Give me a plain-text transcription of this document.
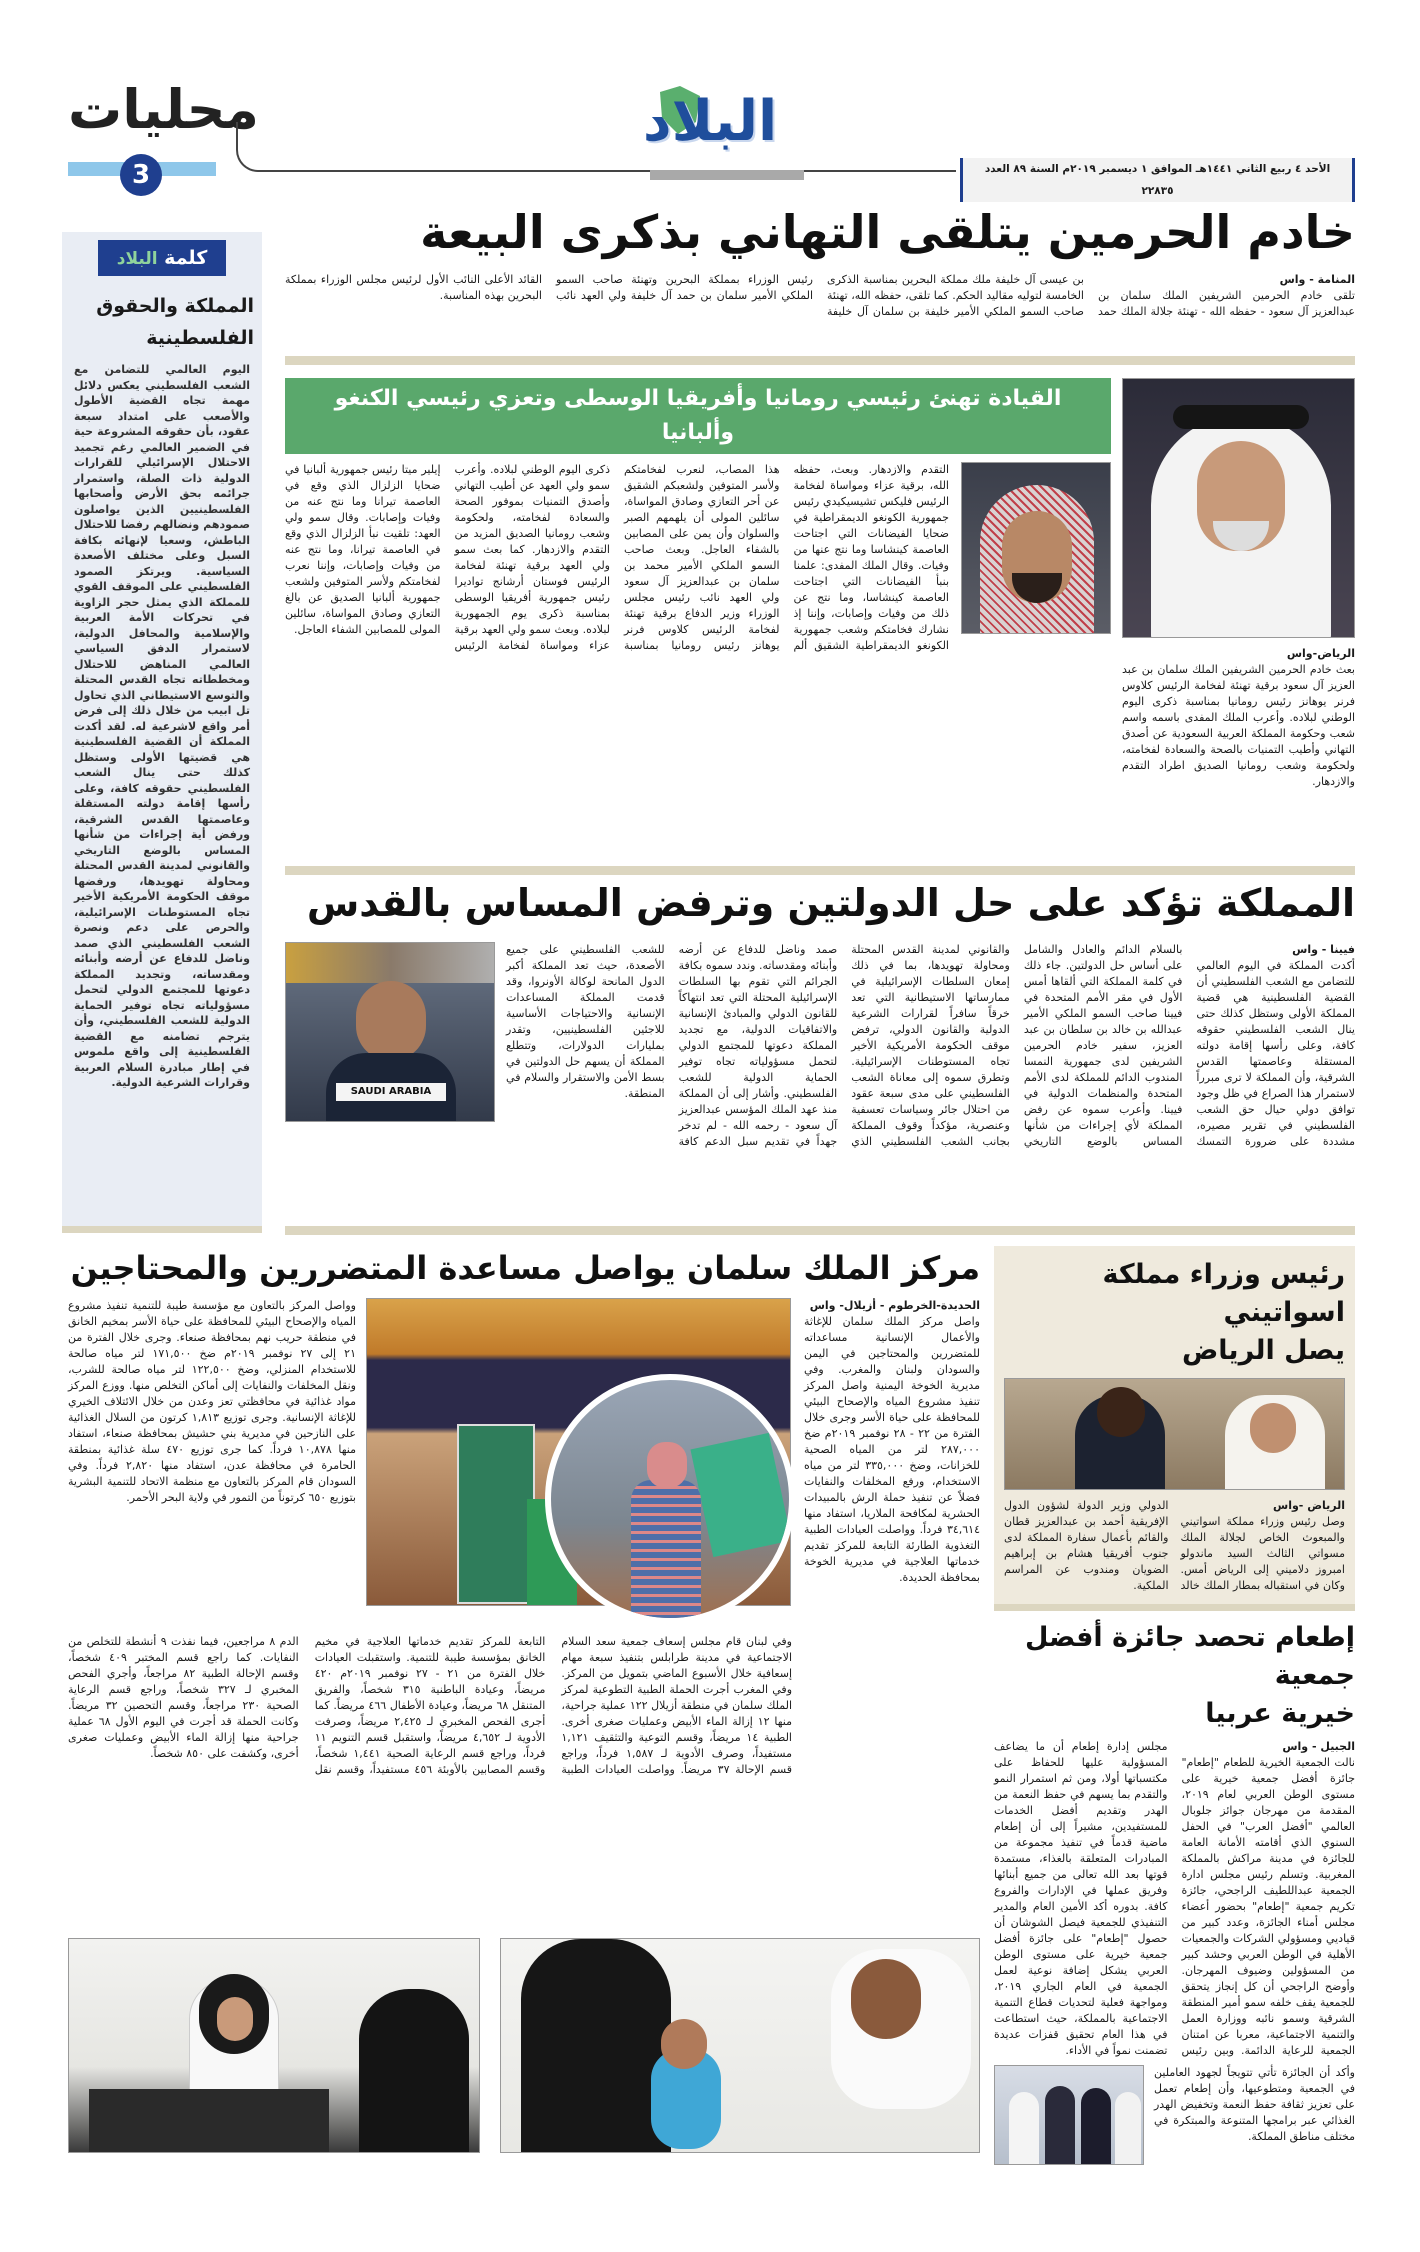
محليات
3
البلاد
الأحد ٤ ربيع الثاني ١٤٤١هـ الموافق ١ ديسمبر ٢٠١٩م السنة ٨٩ العدد ٢٢٨٣٥
كلمة البلاد
المملكة والحقوق الفلسطينية
اليوم العالمي للتضامن مع الشعب الفلسطيني يعكس دلائل مهمة تجاه القضية الأطول والأصعب على امتداد سبعة عقود، بأن حقوقه المشروعة حية في الضمير العالمي رغم تجميد الاحتلال الإسرائيلي للقرارات الدولية ذات الصلة، واستمرار جرائمه بحق الأرض وأصحابها الفلسطينيين الذين يواصلون صمودهم ونضالهم رفضا للاحتلال الباطش، وسعيا لإنهائه بكافة السبل وعلى مختلف الأصعدة السياسية. ويرتكز الصمود الفلسطيني على الموقف القوي للمملكة الذي يمثل حجر الزاوية في تحركات الأمة العربية والإسلامية والمحافل الدولية، لاستمرار الدفق السياسي العالمي المناهض للاحتلال ومخططاته تجاه القدس المحتلة والتوسع الاستيطاني الذي تحاول تل ابيب من خلال ذلك إلى فرض أمر واقع لاشرعية له. لقد أكدت المملكة أن القضية الفلسطينية هي قضيتها الأولى وستظل كذلك حتى ينال الشعب الفلسطيني حقوقه كافة، وعلى رأسها إقامة دولته المستقلة وعاصمتها القدس الشرقية، ورفض أية إجراءات من شأنها المساس بالوضع التاريخي والقانوني لمدينة القدس المحتلة ومحاولة تهويدها، ورفضها موقف الحكومة الأمريكية الأخير تجاه المستوطنات الإسرائيلية، والحرص على دعم ونصرة الشعب الفلسطيني الذي صمد وناضل للدفاع عن أرضه وأبنائه ومقدساته، وتجديد المملكة دعوتها للمجتمع الدولي لتحمل مسؤولياته تجاه توفير الحماية الدولية للشعب الفلسطيني، وأن يترجم تضامنه مع القضية الفلسطينية إلى واقع ملموس في إطار مبادرة السلام العربية وقرارات الشرعية الدولية.
خادم الحرمين يتلقى التهاني بذكرى البيعة
المنامة - واس
تلقى خادم الحرمين الشريفين الملك سلمان بن عبدالعزيز آل سعود - حفظه الله - تهنئة جلالة الملك حمد بن عيسى آل خليفة ملك مملكة البحرين بمناسبة الذكرى الخامسة لتوليه مقاليد الحكم. كما تلقى، حفظه الله، تهنئة صاحب السمو الملكي الأمير خليفة بن سلمان آل خليفة رئيس الوزراء بمملكة البحرين وتهنئة صاحب السمو الملكي الأمير سلمان بن حمد آل خليفة ولي العهد نائب القائد الأعلى النائب الأول لرئيس مجلس الوزراء بمملكة البحرين بهذه المناسبة.
الرياض-واس
بعث خادم الحرمين الشريفين الملك سلمان بن عبد العزيز آل سعود برقية تهنئة لفخامة الرئيس كلاوس فرنر يوهانز رئيس رومانيا بمناسبة ذكرى اليوم الوطني لبلاده. وأعرب الملك المفدى باسمه واسم شعب وحكومة المملكة العربية السعودية عن أصدق التهاني وأطيب التمنيات بالصحة والسعادة لفخامته، ولحكومة وشعب رومانيا الصديق اطراد التقدم والازدهار.
القيادة تهنئ رئيسي رومانيا وأفريقيا الوسطى وتعزي رئيسي الكنغو وألبانيا
التقدم والازدهار. وبعث، حفظه الله، برقية عزاء ومواساة لفخامة الرئيس فليكس تشيسيكيدي رئيس جمهورية الكونغو الديمقراطية في ضحايا الفيضانات التي اجتاحت العاصمة كينشاسا وما نتج عنها من وفيات. وقال الملك المفدى: علمنا بنبأ الفيضانات التي اجتاحت العاصمة كينشاسا، وما نتج عن ذلك من وفيات وإصابات، وإننا إذ نشارك فخامتكم وشعب جمهورية الكونغو الديمقراطية الشقيق ألم هذا المصاب، لنعرب لفخامتكم ولأسر المتوفين ولشعبكم الشقيق عن أحر التعازي وصادق المواساة، سائلين المولى أن يلهمهم الصبر والسلوان وأن يمن على المصابين بالشفاء العاجل. وبعث صاحب السمو الملكي الأمير محمد بن سلمان بن عبدالعزيز آل سعود ولي العهد نائب رئيس مجلس الوزراء وزير الدفاع برقية تهنئة لفخامة الرئيس كلاوس فرنر يوهانز رئيس رومانيا بمناسبة ذكرى اليوم الوطني لبلاده. وأعرب سمو ولي العهد عن أطيب التهاني وأصدق التمنيات بموفور الصحة والسعادة لفخامته، ولحكومة وشعب رومانيا الصديق المزيد من التقدم والازدهار. كما بعث سمو ولي العهد برقية تهنئة لفخامة الرئيس فوستان أرشانج تواديرا رئيس جمهورية أفريقيا الوسطى بمناسبة ذكرى يوم الجمهورية لبلاده. وبعث سمو ولي العهد برقية عزاء ومواساة لفخامة الرئيس إيلير ميتا رئيس جمهورية ألبانيا في ضحايا الزلزال الذي وقع في العاصمة تيرانا وما نتج عنه من وفيات وإصابات. وقال سمو ولي العهد: تلقيت نبأ الزلزال الذي وقع في العاصمة تيرانا، وما نتج عنه من وفيات وإصابات، وإننا نعرب لفخامتكم ولأسر المتوفين ولشعب جمهورية ألبانيا الصديق عن بالغ التعازي وصادق المواساة، سائلين المولى للمصابين الشفاء العاجل.
المملكة تؤكد على حل الدولتين وترفض المساس بالقدس
SAUDI ARABIA
فيينا - واس
أكدت المملكة في اليوم العالمي للتضامن مع الشعب الفلسطيني أن القضية الفلسطينية هي قضية المملكة الأولى وستظل كذلك حتى ينال الشعب الفلسطيني حقوقه كافة، وعلى رأسها إقامة دولته المستقلة وعاصمتها القدس الشرقية، وأن المملكة لا ترى مبرراً لاستمرار هذا الصراع في ظل وجود توافق دولي حيال حق الشعب الفلسطيني في تقرير مصيره، مشددة على ضرورة التمسك بالسلام الدائم والعادل والشامل على أساس حل الدولتين. جاء ذلك في كلمة المملكة التي ألقاها أمس الأول في مقر الأمم المتحدة في فيينا صاحب السمو الملكي الأمير عبدالله بن خالد بن سلطان بن عبد العزيز، سفير خادم الحرمين الشريفين لدى جمهورية النمسا المندوب الدائم للمملكة لدى الأمم المتحدة والمنظمات الدولية في فيينا. وأعرب سموه عن رفض المملكة لأي إجراءات من شأنها المساس بالوضع التاريخي والقانوني لمدينة القدس المحتلة ومحاولة تهويدها، بما في ذلك إمعان السلطات الإسرائيلية في ممارساتها الاستيطانية التي تعد خرقاً سافراً لقرارات الشرعية الدولية والقانون الدولي، ترفض موقف الحكومة الأمريكية الأخير تجاه المستوطنات الإسرائيلية. وتطرق سموه إلى معاناة الشعب الفلسطيني على مدى سبعة عقود من احتلال جائر وسياسات تعسفية وعنصرية، مؤكداً وقوف المملكة بجانب الشعب الفلسطيني الذي صمد وناضل للدفاع عن أرضه وأبنائه ومقدساته. وندد سموه بكافة الجرائم التي تقوم بها السلطات الإسرائيلية المحتلة التي تعد انتهاكاً للقانون الدولي والمبادئ الإنسانية والاتفاقيات الدولية، مع تجديد المملكة دعوتها للمجتمع الدولي لتحمل مسؤولياته تجاه توفير الحماية الدولية للشعب الفلسطيني. وأشار إلى أن المملكة منذ عهد الملك المؤسس عبدالعزيز آل سعود - رحمه الله - لم تدخر جهداً في تقديم سبل الدعم كافة للشعب الفلسطيني على جميع الأصعدة، حيث تعد المملكة أكبر الدول المانحة لوكالة الأونروا، وقد قدمت المملكة المساعدات الإنسانية والاحتياجات الأساسية للاجئين الفلسطينيين، وتقدر بمليارات الدولارات، وتتطلع المملكة أن يسهم حل الدولتين في بسط الأمن والاستقرار والسلام في المنطقة.
مركز الملك سلمان يواصل مساعدة المتضررين والمحتاجين
الحديدة-الخرطوم - أزيلال- واس
واصل مركز الملك سلمان للإغاثة والأعمال الإنسانية مساعداته للمتضررين والمحتاجين في اليمن والسودان ولبنان والمغرب. وفي مديرية الخوخة اليمنية واصل المركز تنفيذ مشروع المياه والإصحاح البيئي للمحافظة على حياة الأسر وجرى خلال الفترة من ٢٢ - ٢٨ نوفمبر ٢٠١٩م ضخ ٢٨٧,٠٠٠ لتر من المياه الصحية للخزانات، وضخ ٣٣٥,٠٠٠ لتر من مياه الاستخدام، ورفع المخلفات والنفايات فضلاً عن تنفيذ حملة الرش بالمبيدات الحشرية لمكافحة الملاريا، استفاد منها ٣٤,٦١٤ فرداً. وواصلت العيادات الطبية التغذوية الطارئة التابعة للمركز تقديم خدماتها العلاجية في مديرية الخوخة بمحافظة الحديدة.
وواصل المركز بالتعاون مع مؤسسة طيبة للتنمية تنفيذ مشروع المياه والإصحاح البيئي للمحافظة على حياة الأسر بمخيم الخانق في منطقة حريب نهم بمحافظة صنعاء. وجرى خلال الفترة من ٢١ إلى ٢٧ نوفمبر ٢٠١٩م ضخ ١٧١,٥٠٠ لتر مياه صالحة للاستخدام المنزلي، وضخ ١٢٢,٥٠٠ لتر مياه صالحة للشرب، ونقل المخلفات والنفايات إلى أماكن التخلص منها. ووزع المركز مواد غذائية في محافظتي تعز وعدن من خلال الائتلاف الخيري للإغاثة الإنسانية. وجرى توزيع ١,٨١٣ كرتون من السلال الغذائية على النازحين في مديرية بني حشيش بمحافظة صنعاء، استفاد منها ١٠,٨٧٨ فرداً. كما جرى توزيع ٤٧٠ سلة غذائية بمنطقة الحامرة في محافظة عدن، استفاد منها ٢,٨٢٠ فرداً. وفي السودان قام المركز بالتعاون مع منظمة الاتحاد للتنمية البشرية بتوزيع ٦٥٠ كرتوناً من التمور في ولاية البحر الأحمر.
وفي لبنان قام مجلس إسعاف جمعية سعد السلام الاجتماعية في مدينة طرابلس بتنفيذ سبعة مهام إسعافية خلال الأسبوع الماضي بتمويل من المركز. وفي المغرب أجرت الحملة الطبية التطوعية لمركز الملك سلمان في منطقة أزيلال ١٢٢ عملية جراحية، منها ١٢ إزالة الماء الأبيض وعمليات صغرى أخرى. الطبية ١٤ مريضاً، وقسم التوعية والتثقيف ١,١٢١ مستفيداً، وصرف الأدوية لـ ١,٥٨٧ فرداً، وراجع قسم الإحالة ٣٧ مريضاً. وواصلت العيادات الطبية التابعة للمركز تقديم خدماتها العلاجية في مخيم الخانق بمؤسسة طيبة للتنمية. واستقبلت العيادات خلال الفترة من ٢١ - ٢٧ نوفمبر ٢٠١٩م ٤٢٠ مريضاً، وعيادة الباطنية ٣١٥ شخصاً، والفريق المتنقل ٦٨ مريضاً، وعيادة الأطفال ٤٦٦ مريضاً. كما أجرى الفحص المخبري لـ ٢,٤٢٥ مريضاً، وصرفت الأدوية لـ ٤,٦٥٢ مريضاً، واستقبل قسم التنويم ١١ فرداً، وراجع قسم الرعاية الصحية ١,٤٤١ شخصاً، وقسم المصابين بالأوبئة ٤٥٦ مستفيداً، وقسم نقل الدم ٨ مراجعين، فيما نفذت ٩ أنشطة للتخلص من النفايات. كما راجع قسم المختبر ٤٠٩ شخصاً، وقسم الإحالة الطبية ٨٢ مراجعاً، وأجري الفحص المخبري لـ ٣٢٧ شخصاً، وراجع قسم الرعاية الصحية ٢٣٠ مراجعاً، وقسم التحصين ٣٢ مريضاً. وكانت الحملة قد أجرت في اليوم الأول ٦٨ عملية جراحية منها إزالة الماء الأبيض وعمليات صغرى أخرى، وكشفت على ٨٥٠ شخصاً.
رئيس وزراء مملكة اسواتيني
يصل الرياض
الرياض -واس
وصل رئيس وزراء مملكة اسواتيني والمبعوث الخاص لجلالة الملك مسواتي الثالث السيد ماندولو امبروز دلاميني إلى الرياض أمس. وكان في استقباله بمطار الملك خالد الدولي وزير الدولة لشؤون الدول الإفريقية أحمد بن عبدالعزيز قطان والقائم بأعمال سفارة المملكة لدى جنوب أفريقيا هشام بن إبراهيم الضويان ومندوب عن المراسم الملكية.
إطعام تحصد جائزة أفضل جمعية
خيرية عربيا
الجبيل - واس
نالت الجمعية الخيرية للطعام "إطعام" جائزة أفضل جمعية خيرية على مستوى الوطن العربي لعام ٢٠١٩، المقدمة من مهرجان جوائز جلوبال العالمي "أفضل العرب" في الحفل السنوي الذي أقامته الأمانة العامة للجائزة في مدينة مراكش بالمملكة المغربية. وتسلم رئيس مجلس ادارة الجمعية عبداللطيف الراجحي، جائزة تكريم جمعية "إطعام" بحضور أعضاء مجلس أمناء الجائزة، وعدد كبير من قياديي ومسؤولي الشركات والجمعيات الأهلية في الوطن العربي وحشد كبير من المسؤولين وضيوف المهرجان. وأوضح الراجحي أن كل إنجاز يتحقق للجمعية يقف خلفه سمو أمير المنطقة الشرقية وسمو نائبه ووزارة العمل والتنمية الاجتماعية، معربا عن امتنان الجمعية للرعاية الدائمة. وبين رئيس مجلس إدارة إطعام أن ما يضاعف المسؤولية عليها للحفاظ على مكتسباتها أولا، ومن ثم استمرار النمو والتقدم بما يسهم في حفظ النعمة من الهدر وتقديم أفضل الخدمات للمستفيدين، مشيراً إلى أن إطعام ماضية قدماً في تنفيذ مجموعة من المبادرات المتعلقة بالغذاء، مستمدة قوتها بعد الله تعالى من جميع أبنائها وفريق عملها في الإدارات والفروع كافة. بدوره أكد الأمين العام والمدير التنفيذي للجمعية فيصل الشوشان أن حصول "إطعام" على جائزة أفضل جمعية خيرية على مستوى الوطن العربي يشكل إضافة نوعية لعمل الجمعية في العام الجاري ٢٠١٩، ومواجهة فعلية لتحديات قطاع التنمية الاجتماعية بالمملكة، حيث استطاعت في هذا العام تحقيق قفزات عديدة تضمنت نمواً في الأداء.
وأكد أن الجائزة تأتي تتويجاً لجهود العاملين في الجمعية ومتطوعيها، وأن إطعام تعمل على تعزيز ثقافة حفظ النعمة وتخفيض الهدر الغذائي عبر برامجها المتنوعة والمبتكرة في مختلف مناطق المملكة.
